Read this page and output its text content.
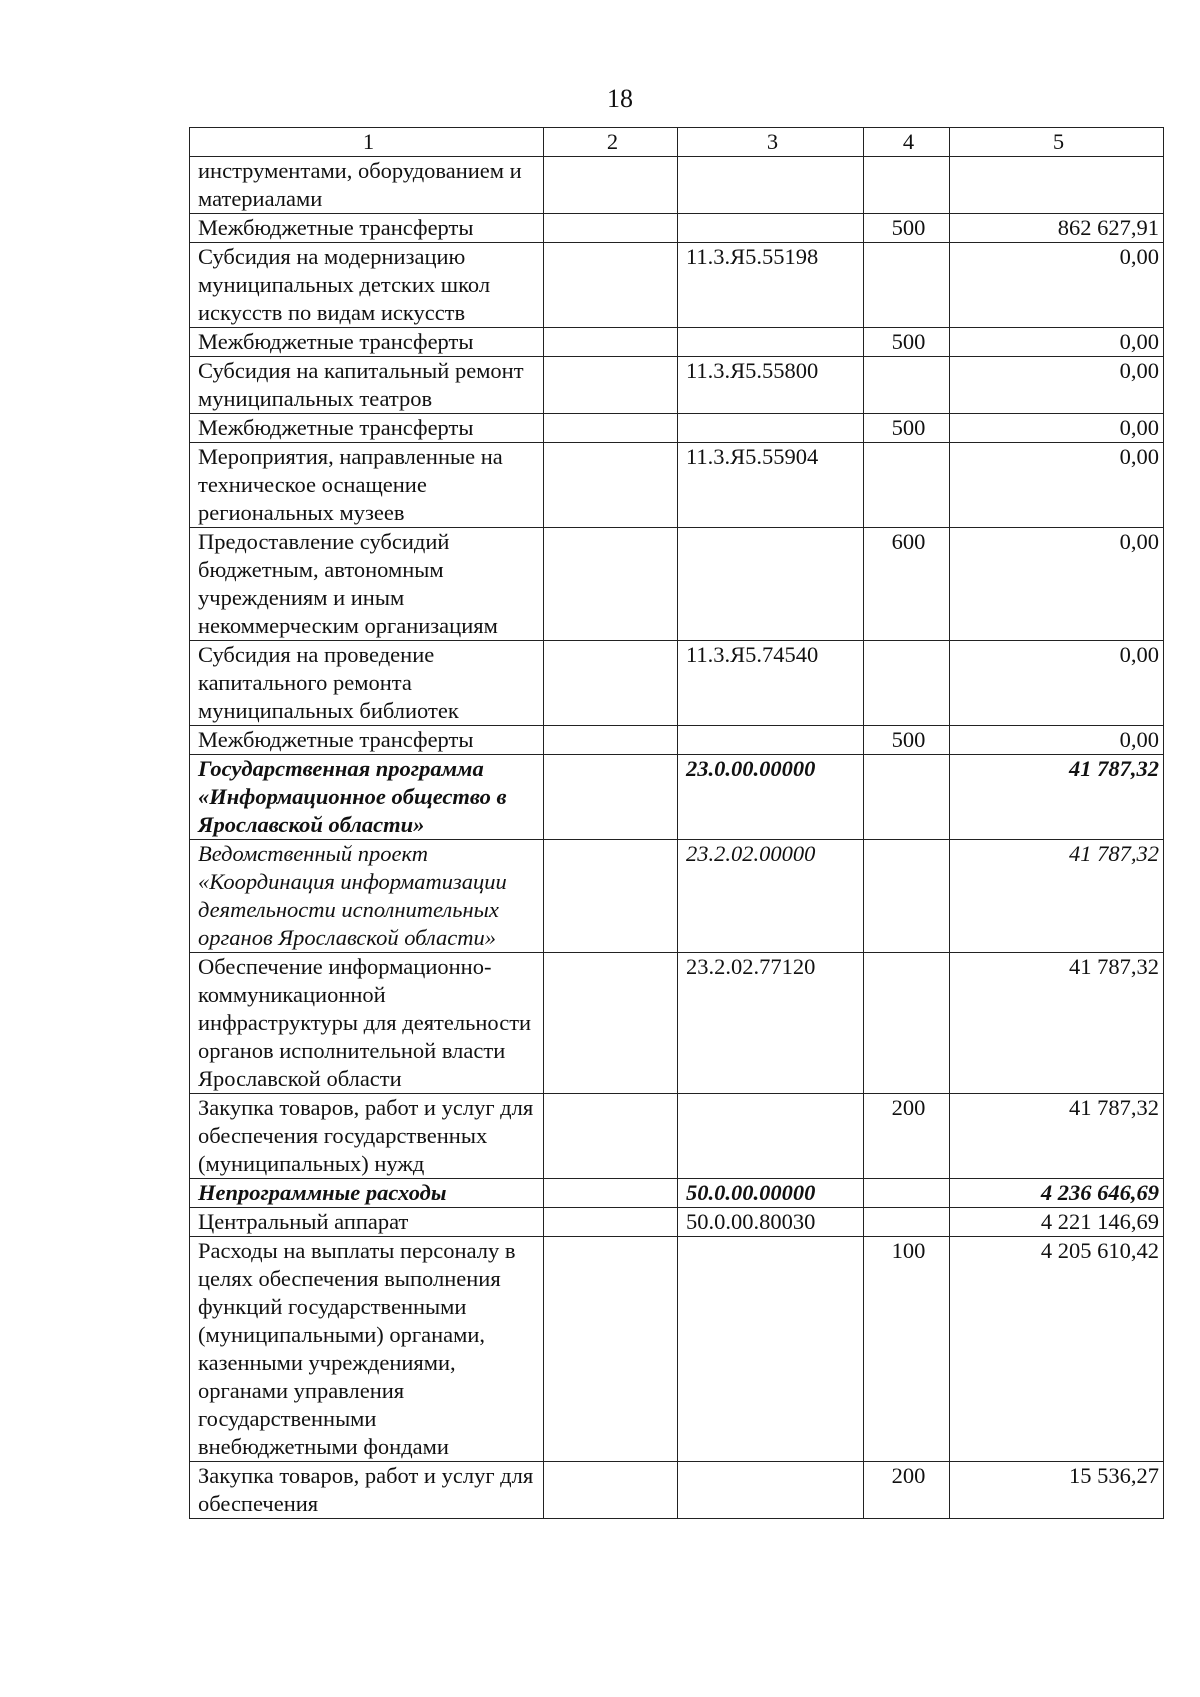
18
1	2	3	4	5
инструментами, оборудованием и материалами				
Межбюджетные трансферты			500	862 627,91
Субсидия на модернизацию муниципальных детских школ искусств по видам искусств		11.3.Я5.55198		0,00
Межбюджетные трансферты			500	0,00
Субсидия на капитальный ремонт муниципальных театров		11.3.Я5.55800		0,00
Межбюджетные трансферты			500	0,00
Мероприятия, направленные на техническое оснащение региональных музеев		11.3.Я5.55904		0,00
Предоставление субсидий бюджетным, автономным учреждениям и иным некоммерческим организациям			600	0,00
Субсидия на проведение капитального ремонта муниципальных библиотек		11.3.Я5.74540		0,00
Межбюджетные трансферты			500	0,00
Государственная программа «Информационное общество в Ярославской области»		23.0.00.00000		41 787,32
Ведомственный проект «Координация информатизации деятельности исполнительных органов Ярославской области»		23.2.02.00000		41 787,32
Обеспечение информационно-коммуникационной инфраструктуры для деятельности органов исполнительной власти Ярославской области		23.2.02.77120		41 787,32
Закупка товаров, работ и услуг для обеспечения государственных (муниципальных) нужд			200	41 787,32
Непрограммные расходы		50.0.00.00000		4 236 646,69
Центральный аппарат		50.0.00.80030		4 221 146,69
Расходы на выплаты персоналу в целях обеспечения выполнения функций государственными (муниципальными) органами, казенными учреждениями, органами управления государственными внебюджетными фондами			100	4 205 610,42
Закупка товаров, работ и услуг для обеспечения			200	15 536,27
